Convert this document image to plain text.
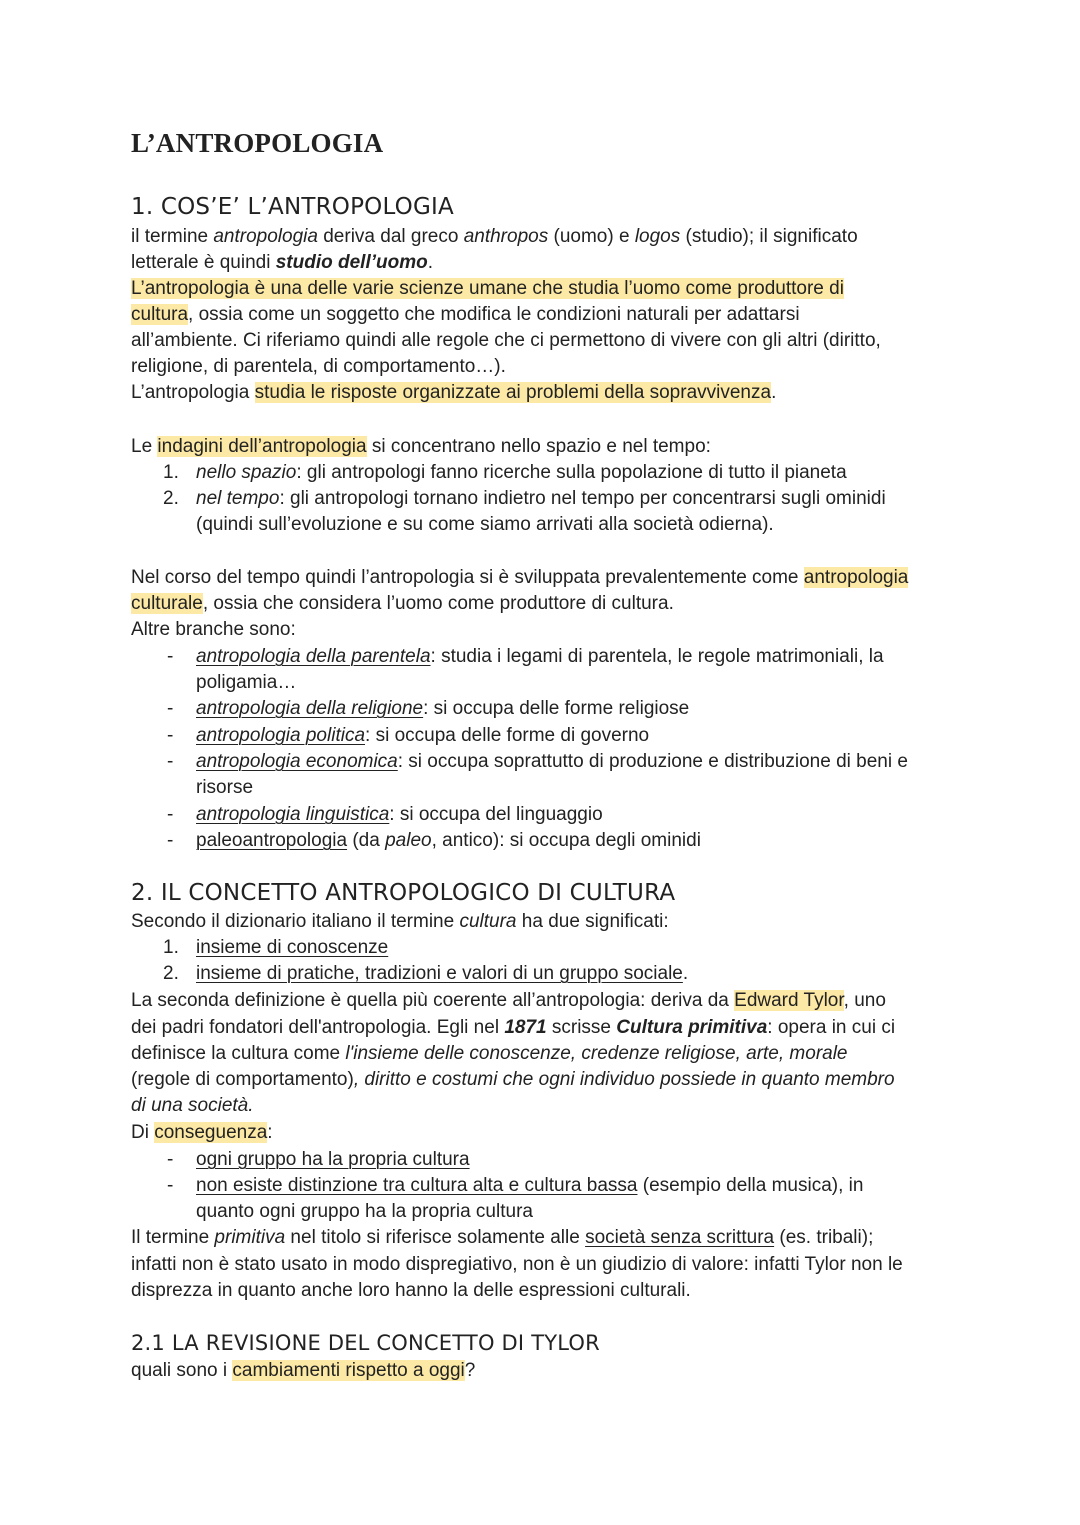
L’ANTROPOLOGIA
1. COS’E’ L’ANTROPOLOGIA
il termine antropologia deriva dal greco anthropos (uomo) e logos (studio); il significato
letterale è quindi studio dell’uomo.
L’antropologia è una delle varie scienze umane che studia l’uomo come produttore di
cultura, ossia come un soggetto che modifica le condizioni naturali per adattarsi
all’ambiente. Ci riferiamo quindi alle regole che ci permettono di vivere con gli altri (diritto,
religione, di parentela, di comportamento…).
L’antropologia studia le risposte organizzate ai problemi della sopravvivenza.
Le indagini dell’antropologia si concentrano nello spazio e nel tempo:
1. nello spazio: gli antropologi fanno ricerche sulla popolazione di tutto il pianeta
2. nel tempo: gli antropologi tornano indietro nel tempo per concentrarsi sugli ominidi
(quindi sull’evoluzione e su come siamo arrivati alla società odierna).
Nel corso del tempo quindi l’antropologia si è sviluppata prevalentemente come antropologia
culturale, ossia che considera l’uomo come produttore di cultura.
Altre branche sono:
- antropologia della parentela: studia i legami di parentela, le regole matrimoniali, la
poligamia…
- antropologia della religione: si occupa delle forme religiose
- antropologia politica: si occupa delle forme di governo
- antropologia economica: si occupa soprattutto di produzione e distribuzione di beni e
risorse
- antropologia linguistica: si occupa del linguaggio
- paleoantropologia (da paleo, antico): si occupa degli ominidi
2. IL CONCETTO ANTROPOLOGICO DI CULTURA
Secondo il dizionario italiano il termine cultura ha due significati:
1. insieme di conoscenze
2. insieme di pratiche, tradizioni e valori di un gruppo sociale.
La seconda definizione è quella più coerente all’antropologia: deriva da Edward Tylor, uno
dei padri fondatori dell'antropologia. Egli nel 1871 scrisse Cultura primitiva: opera in cui ci
definisce la cultura come l'insieme delle conoscenze, credenze religiose, arte, morale
(regole di comportamento), diritto e costumi che ogni individuo possiede in quanto membro
di una società.
Di conseguenza:
- ogni gruppo ha la propria cultura
- non esiste distinzione tra cultura alta e cultura bassa (esempio della musica), in
quanto ogni gruppo ha la propria cultura
Il termine primitiva nel titolo si riferisce solamente alle società senza scrittura (es. tribali);
infatti non è stato usato in modo dispregiativo, non è un giudizio di valore: infatti Tylor non le
disprezza in quanto anche loro hanno la delle espressioni culturali.
2.1 LA REVISIONE DEL CONCETTO DI TYLOR
quali sono i cambiamenti rispetto a oggi?
